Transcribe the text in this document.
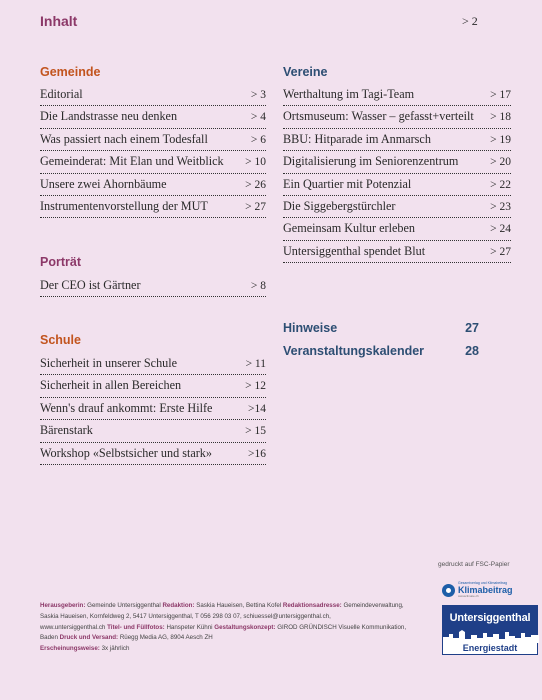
Inhalt	> 2
Gemeinde
Editorial	> 3
Die Landstrasse neu denken	> 4
Was passiert nach einem Todesfall	> 6
Gemeinderat: Mit Elan und Weitblick > 10
Unsere zwei Ahornbäume	> 26
Instrumentenvorstellung der MUT	> 27
Porträt
Der CEO ist Gärtner	> 8
Schule
Sicherheit in unserer Schule	> 11
Sicherheit in allen Bereichen	> 12
Wenn's drauf ankommt: Erste Hilfe	>14
Bärenstark	> 15
Workshop «Selbstsicher und stark»	>16
Vereine
Werthaltung im Tagi-Team	> 17
Ortsmuseum: Wasser – gefasst+verteilt > 18
BBU: Hitparade im Anmarsch	> 19
Digitalisierung im Seniorenzentrum	> 20
Ein Quartier mit Potenzial	> 22
Die Siggebergstürchler	> 23
Gemeinsam Kultur erleben	> 24
Untersiggenthal spendet Blut	> 27
Hinweise	27
Veranstaltungskalender	28
gedruckt auf FSC-Papier
Gesamtverlag und Klimabeitrag
Klimabeitrag
swissclimate.ch
Untersiggenthal
Energiestadt
Herausgeberin: Gemeinde Untersiggenthal Redaktion: Saskia Haueisen, Bettina Kofel Redaktionsadresse: Gemeindeverwaltung,
Saskia Haueisen, Kornfeldweg 2, 5417 Untersiggenthal, T 056 298 03 07, schiuessel@untersiggenthal.ch,
www.untersiggenthal.ch Titel- und Füllfotos: Hanspeter Kühni Gestaltungskonzept: GIROD GRÜNDISCH Visuelle Kommunikation,
Baden Druck und Versand: Rüegg Media AG, 8904 Aesch ZH
Erscheinungsweise: 3x jährlich
